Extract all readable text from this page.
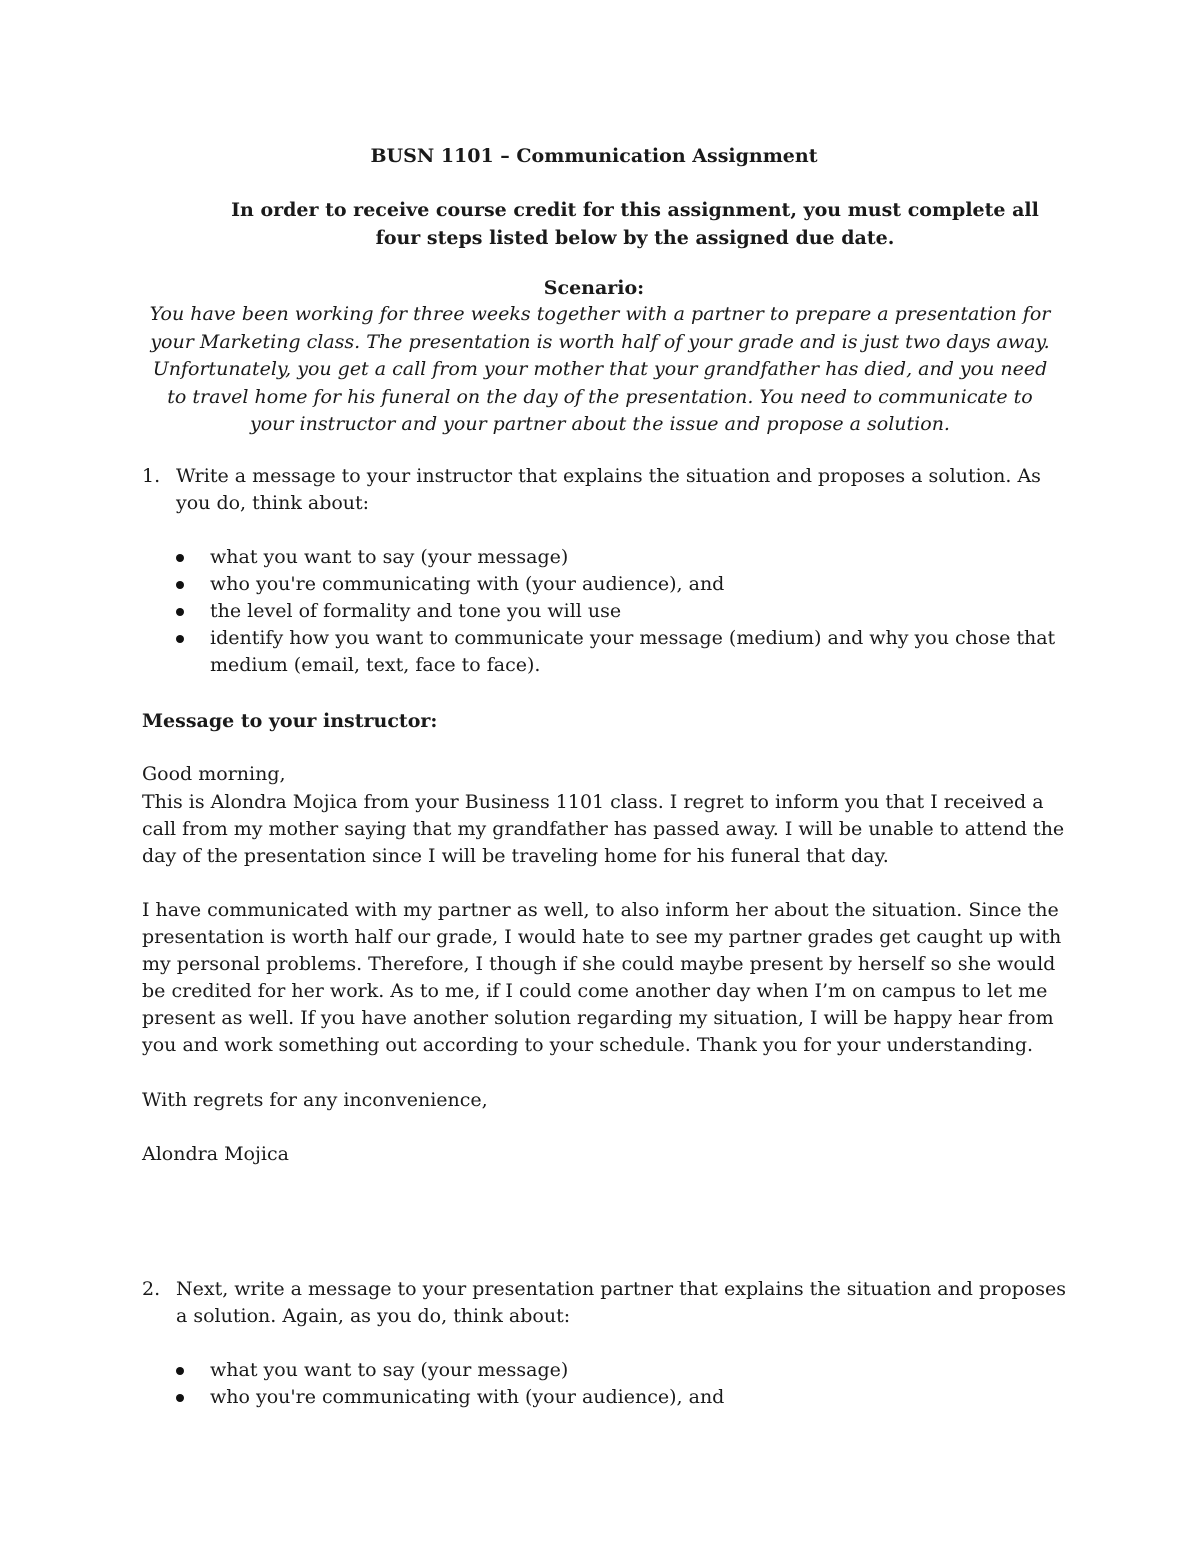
BUSN 1101 – Communication Assignment
In order to receive course credit for this assignment, you must complete all four steps listed below by the assigned due date.
Scenario:
You have been working for three weeks together with a partner to prepare a presentation for your Marketing class. The presentation is worth half of your grade and is just two days away. Unfortunately, you get a call from your mother that your grandfather has died, and you need to travel home for his funeral on the day of the presentation. You need to communicate to your instructor and your partner about the issue and propose a solution.
1. Write a message to your instructor that explains the situation and proposes a solution. As you do, think about:
what you want to say (your message)
who you're communicating with (your audience), and
the level of formality and tone you will use
identify how you want to communicate your message (medium) and why you chose that medium (email, text, face to face).
Message to your instructor:
Good morning,
This is Alondra Mojica from your Business 1101 class. I regret to inform you that I received a call from my mother saying that my grandfather has passed away. I will be unable to attend the day of the presentation since I will be traveling home for his funeral that day.
I have communicated with my partner as well, to also inform her about the situation. Since the presentation is worth half our grade, I would hate to see my partner grades get caught up with my personal problems. Therefore, I though if she could maybe present by herself so she would be credited for her work. As to me, if I could come another day when I’m on campus to let me present as well. If you have another solution regarding my situation, I will be happy hear from you and work something out according to your schedule. Thank you for your understanding.
With regrets for any inconvenience,
Alondra Mojica
2. Next, write a message to your presentation partner that explains the situation and proposes a solution. Again, as you do, think about:
what you want to say (your message)
who you're communicating with (your audience), and
